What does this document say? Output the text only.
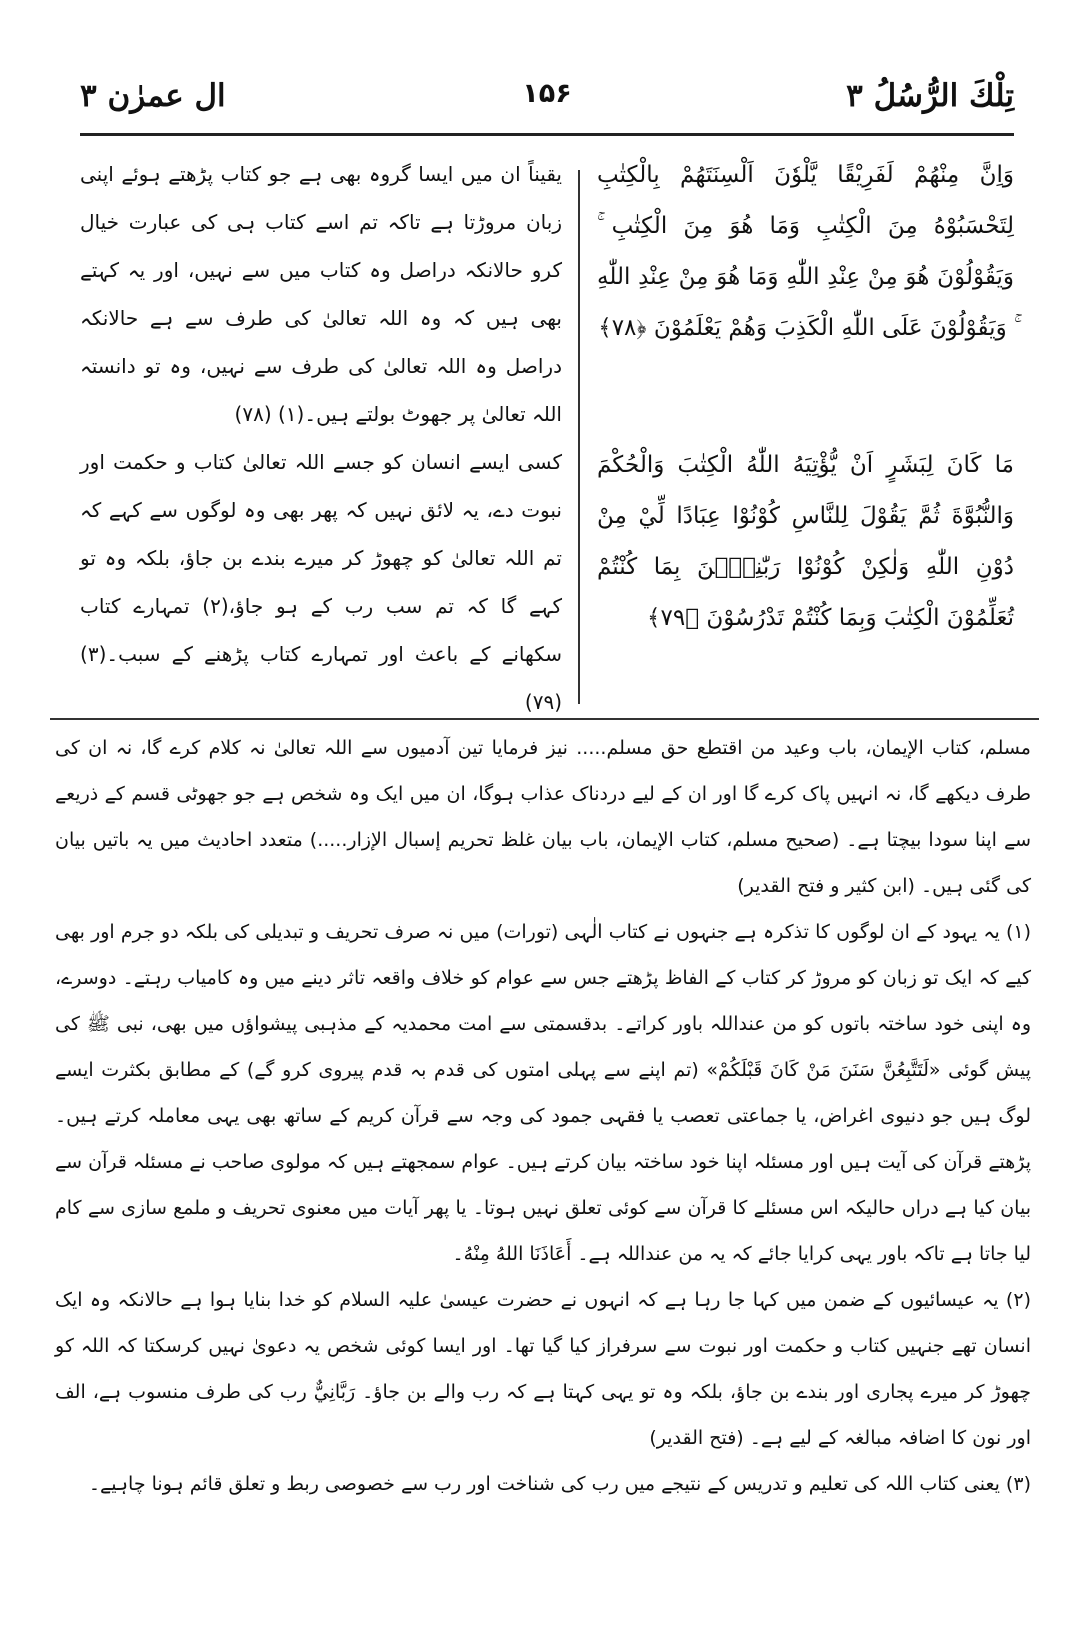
تِلْكَ الرُّسُلُ ۳
۱۵۶
ال عمرٰن ۳

وَاِنَّ مِنْهُمْ لَفَرِيْقًا يَّلْوٗنَ اَلْسِنَتَهُمْ بِالْكِتٰبِ لِتَحْسَبُوْهُ مِنَ الْكِتٰبِ وَمَا هُوَ مِنَ الْكِتٰبِ ۚ وَيَقُوْلُوْنَ هُوَ مِنْ عِنْدِ اللّٰهِ وَمَا هُوَ مِنْ عِنْدِ اللّٰهِ ۚ وَيَقُوْلُوْنَ عَلَى اللّٰهِ الْكَذِبَ وَهُمْ يَعْلَمُوْنَ ﴿۷۸﴾

مَا كَانَ لِبَشَرٍ اَنْ يُّؤْتِيَهُ اللّٰهُ الْكِتٰبَ وَالْحُكْمَ وَالنُّبُوَّةَ ثُمَّ يَقُوْلَ لِلنَّاسِ كُوْنُوْا عِبَادًا لِّيْ مِنْ دُوْنِ اللّٰهِ وَلٰكِنْ كُوْنُوْا رَبّٰنِيّٖنَ بِمَا كُنْتُمْ تُعَلِّمُوْنَ الْكِتٰبَ وَبِمَا كُنْتُمْ تَدْرُسُوْنَ ﴿۷۹﴾

یقیناً ان میں ایسا گروہ بھی ہے جو کتاب پڑھتے ہوئے اپنی زبان مروڑتا ہے تاکہ تم اسے کتاب ہی کی عبارت خیال کرو حالانکہ دراصل وہ کتاب میں سے نہیں، اور یہ کہتے بھی ہیں کہ وہ اللہ تعالیٰ کی طرف سے ہے حالانکہ دراصل وہ اللہ تعالیٰ کی طرف سے نہیں، وہ تو دانستہ اللہ تعالیٰ پر جھوٹ بولتے ہیں۔(۱) (۷۸)

کسی ایسے انسان کو جسے اللہ تعالیٰ کتاب و حکمت اور نبوت دے، یہ لائق نہیں کہ پھر بھی وہ لوگوں سے کہے کہ تم اللہ تعالیٰ کو چھوڑ کر میرے بندے بن جاؤ، بلکہ وہ تو کہے گا کہ تم سب رب کے ہو جاؤ،(۲) تمہارے کتاب سکھانے کے باعث اور تمہارے کتاب پڑھنے کے سبب۔(۳) (۷۹)

مسلم، کتاب الإیمان، باب وعید من اقتطع حق مسلم..... نیز فرمایا تین آدمیوں سے اللہ تعالیٰ نہ کلام کرے گا، نہ ان کی طرف دیکھے گا، نہ انہیں پاک کرے گا اور ان کے لیے دردناک عذاب ہوگا، ان میں ایک وہ شخص ہے جو جھوٹی قسم کے ذریعے سے اپنا سودا بیچتا ہے۔ (صحیح مسلم، کتاب الإیمان، باب بیان غلظ تحریم إسبال الإزار.....) متعدد احادیث میں یہ باتیں بیان کی گئی ہیں۔ (ابن کثیر و فتح القدیر)

(۱) یہ یہود کے ان لوگوں کا تذکرہ ہے جنہوں نے کتاب الٰہی (تورات) میں نہ صرف تحریف و تبدیلی کی بلکہ دو جرم اور بھی کیے کہ ایک تو زبان کو مروڑ کر کتاب کے الفاظ پڑھتے جس سے عوام کو خلاف واقعہ تاثر دینے میں وہ کامیاب رہتے۔ دوسرے، وہ اپنی خود ساختہ باتوں کو من عنداللہ باور کراتے۔ بدقسمتی سے امت محمدیہ کے مذہبی پیشواؤں میں بھی، نبی ﷺ کی پیش گوئی «لَتَتَّبِعُنَّ سَنَنَ مَنْ كَانَ قَبْلَكُمْ» (تم اپنے سے پہلی امتوں کی قدم بہ قدم پیروی کرو گے) کے مطابق بکثرت ایسے لوگ ہیں جو دنیوی اغراض، یا جماعتی تعصب یا فقہی جمود کی وجہ سے قرآن کریم کے ساتھ بھی یہی معاملہ کرتے ہیں۔ پڑھتے قرآن کی آیت ہیں اور مسئلہ اپنا خود ساختہ بیان کرتے ہیں۔ عوام سمجھتے ہیں کہ مولوی صاحب نے مسئلہ قرآن سے بیان کیا ہے دراں حالیکہ اس مسئلے کا قرآن سے کوئی تعلق نہیں ہوتا۔ یا پھر آیات میں معنوی تحریف و ملمع سازی سے کام لیا جاتا ہے تاکہ باور یہی کرایا جائے کہ یہ من عنداللہ ہے۔ أَعَاذَنَا اللهُ مِنْهُ۔

(۲) یہ عیسائیوں کے ضمن میں کہا جا رہا ہے کہ انہوں نے حضرت عیسیٰ علیہ السلام کو خدا بنایا ہوا ہے حالانکہ وہ ایک انسان تھے جنہیں کتاب و حکمت اور نبوت سے سرفراز کیا گیا تھا۔ اور ایسا کوئی شخص یہ دعویٰ نہیں کرسکتا کہ اللہ کو چھوڑ کر میرے پجاری اور بندے بن جاؤ، بلکہ وہ تو یہی کہتا ہے کہ رب والے بن جاؤ۔ رَبَّانِيٌّ رب کی طرف منسوب ہے، الف اور نون کا اضافہ مبالغہ کے لیے ہے۔ (فتح القدیر)

(۳) یعنی کتاب اللہ کی تعلیم و تدریس کے نتیجے میں رب کی شناخت اور رب سے خصوصی ربط و تعلق قائم ہونا چاہیے۔
